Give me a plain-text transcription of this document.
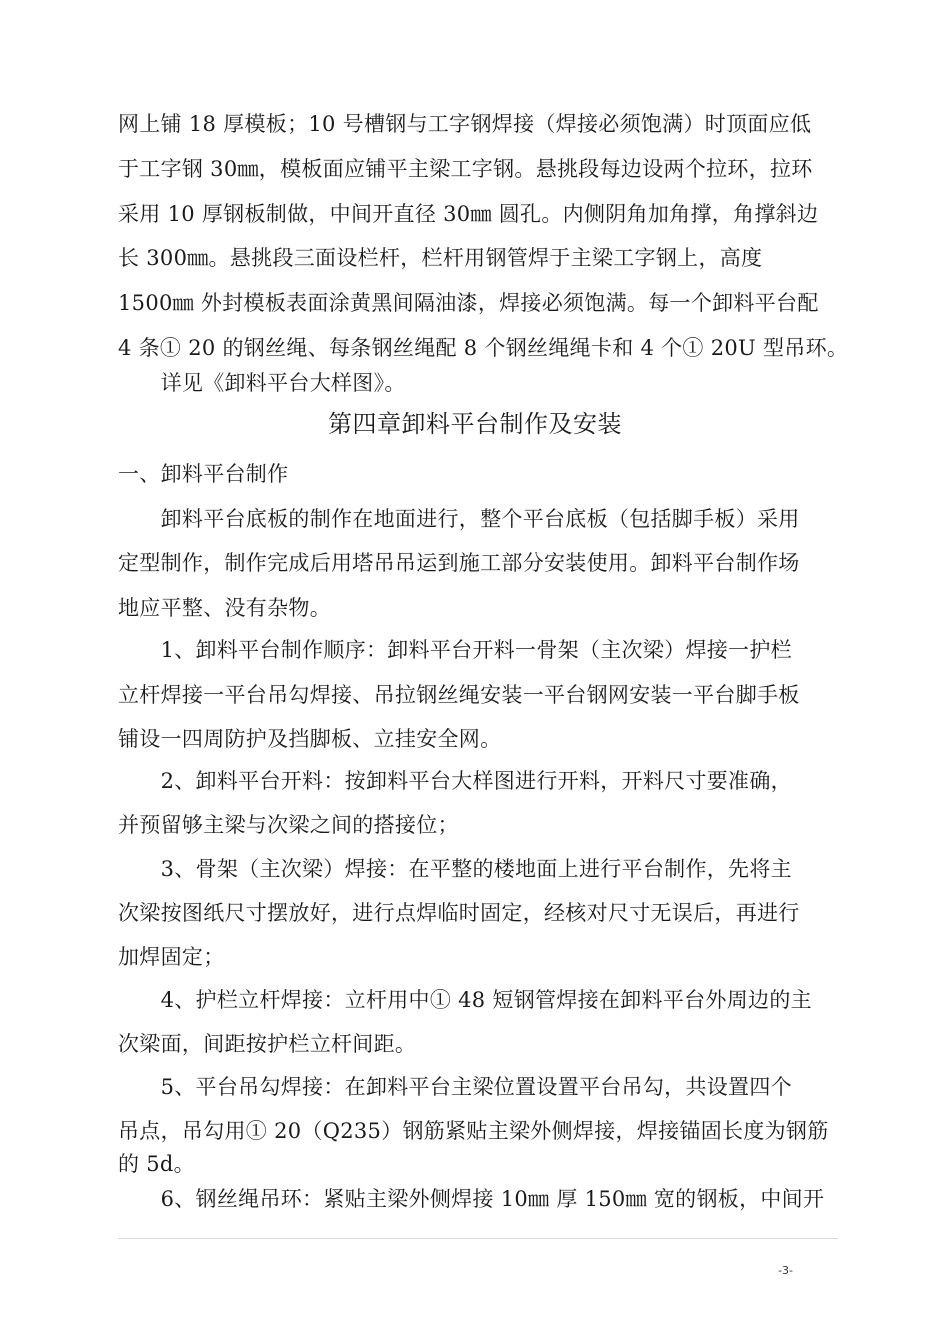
网上铺 18 厚模板；10 号槽钢与工字钢焊接（焊接必须饱满）时顶面应低
于工字钢 30㎜，模板面应铺平主梁工字钢。悬挑段每边设两个拉环，拉环
采用 10 厚钢板制做，中间开直径 30㎜ 圆孔。内侧阴角加角撑，角撑斜边
长 300㎜。悬挑段三面设栏杆，栏杆用钢管焊于主梁工字钢上，高度
1500㎜ 外封模板表面涂黄黑间隔油漆，焊接必须饱满。每一个卸料平台配
4 条① 20 的钢丝绳、每条钢丝绳配 8 个钢丝绳绳卡和 4 个① 20U 型吊环。
　　详见《卸料平台大样图》。
第四章卸料平台制作及安装
一、卸料平台制作
　　卸料平台底板的制作在地面进行，整个平台底板（包括脚手板）采用
定型制作，制作完成后用塔吊吊运到施工部分安装使用。卸料平台制作场
地应平整、没有杂物。
　　1、卸料平台制作顺序：卸料平台开料一骨架（主次梁）焊接一护栏
立杆焊接一平台吊勾焊接、吊拉钢丝绳安装一平台钢网安装一平台脚手板
铺设一四周防护及挡脚板、立挂安全网。
　　2、卸料平台开料：按卸料平台大样图进行开料，开料尺寸要准确，
并预留够主梁与次梁之间的搭接位；
　　3、骨架（主次梁）焊接：在平整的楼地面上进行平台制作，先将主
次梁按图纸尺寸摆放好，进行点焊临时固定，经核对尺寸无误后，再进行
加焊固定；
　　4、护栏立杆焊接：立杆用中① 48 短钢管焊接在卸料平台外周边的主
次梁面，间距按护栏立杆间距。
　　5、平台吊勾焊接：在卸料平台主梁位置设置平台吊勾，共设置四个
吊点，吊勾用① 20（Q235）钢筋紧贴主梁外侧焊接，焊接锚固长度为钢筋
的 5d。
　　6、钢丝绳吊环：紧贴主梁外侧焊接 10㎜ 厚 150㎜ 宽的钢板，中间开
-3-
